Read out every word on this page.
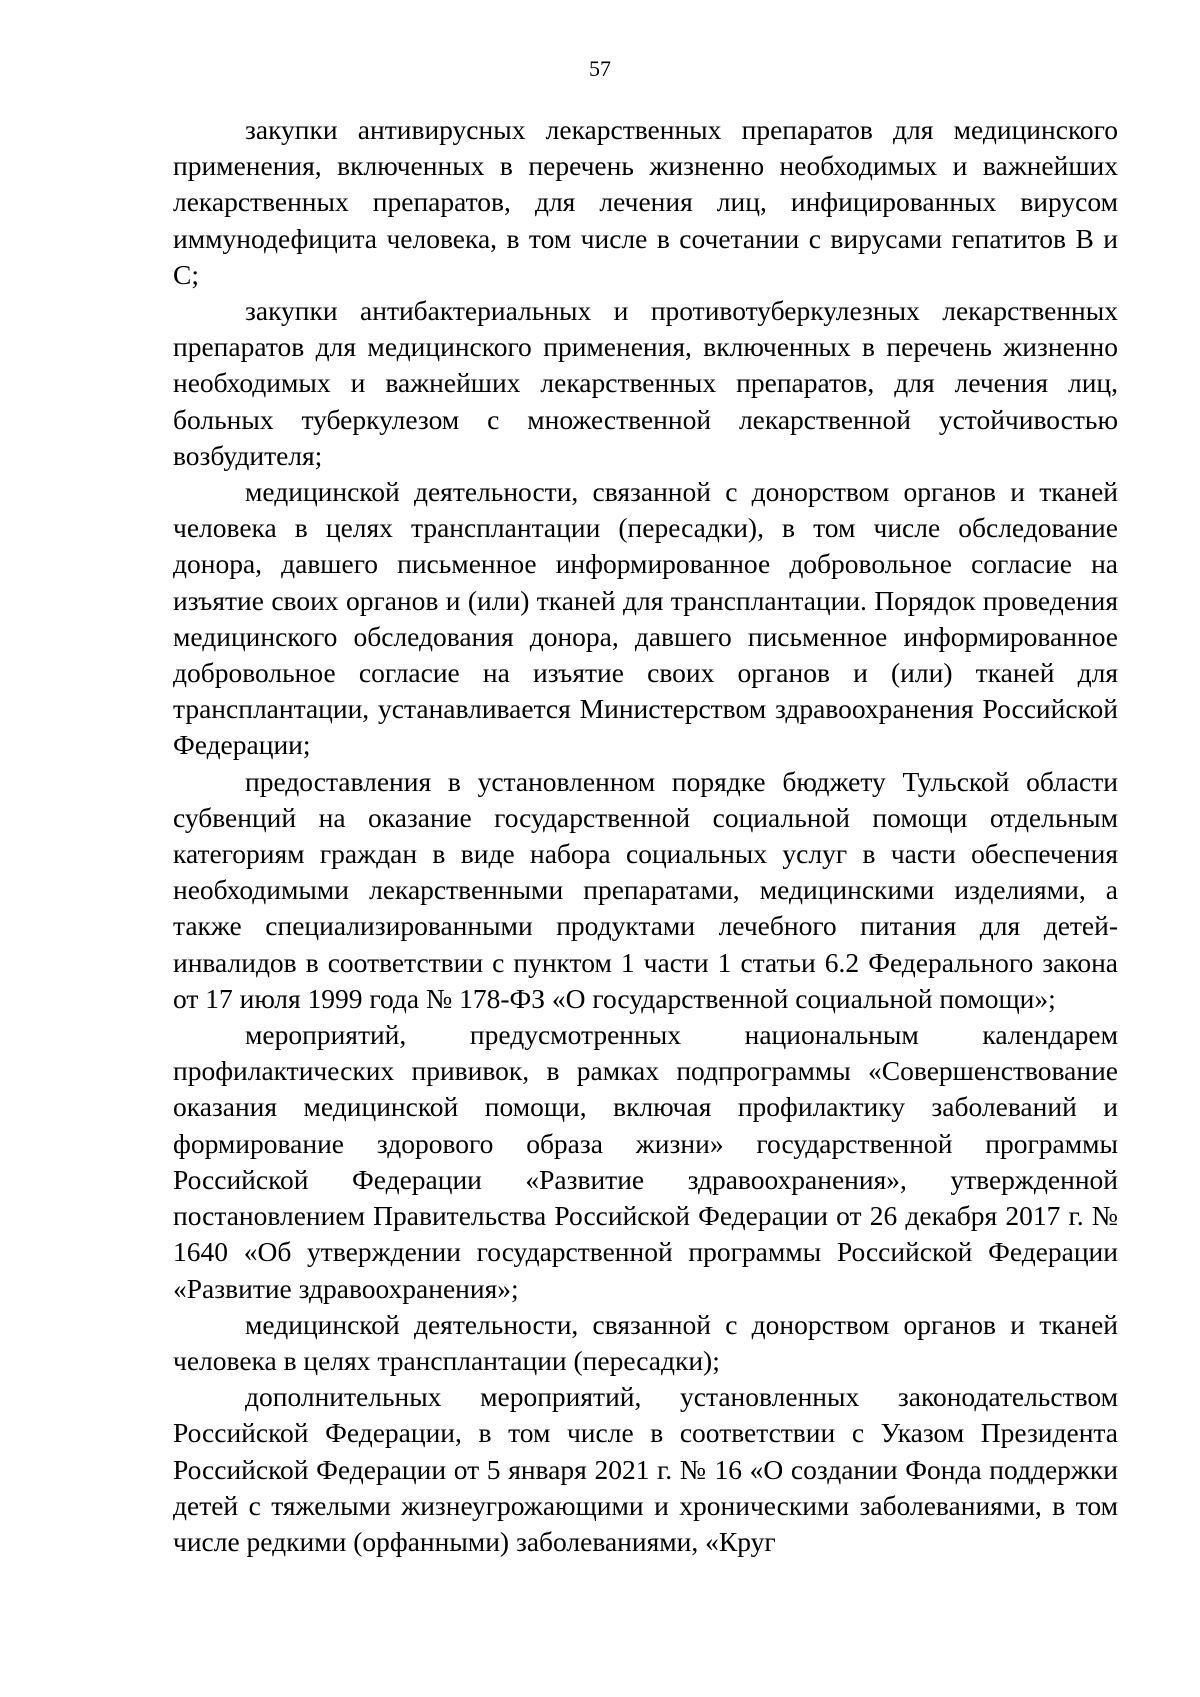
57

закупки антивирусных лекарственных препаратов для медицинского применения, включенных в перечень жизненно необходимых и важнейших лекарственных препаратов, для лечения лиц, инфицированных вирусом иммунодефицита человека, в том числе в сочетании с вирусами гепатитов B и C;

закупки антибактериальных и противотуберкулезных лекарственных препаратов для медицинского применения, включенных в перечень жизненно необходимых и важнейших лекарственных препаратов, для лечения лиц, больных туберкулезом с множественной лекарственной устойчивостью возбудителя;

медицинской деятельности, связанной с донорством органов и тканей человека в целях трансплантации (пересадки), в том числе обследование донора, давшего письменное информированное добровольное согласие на изъятие своих органов и (или) тканей для трансплантации. Порядок проведения медицинского обследования донора, давшего письменное информированное добровольное согласие на изъятие своих органов и (или) тканей для трансплантации, устанавливается Министерством здравоохранения Российской Федерации;

предоставления в установленном порядке бюджету Тульской области субвенций на оказание государственной социальной помощи отдельным категориям граждан в виде набора социальных услуг в части обеспечения необходимыми лекарственными препаратами, медицинскими изделиями, а также специализированными продуктами лечебного питания для детей-инвалидов в соответствии с пунктом 1 части 1 статьи 6.2 Федерального закона от 17 июля 1999 года № 178-ФЗ «О государственной социальной помощи»;

мероприятий, предусмотренных национальным календарем профилактических прививок, в рамках подпрограммы «Совершенствование оказания медицинской помощи, включая профилактику заболеваний и формирование здорового образа жизни» государственной программы Российской Федерации «Развитие здравоохранения», утвержденной постановлением Правительства Российской Федерации от 26 декабря 2017 г. № 1640 «Об утверждении государственной программы Российской Федерации «Развитие здравоохранения»;

медицинской деятельности, связанной с донорством органов и тканей человека в целях трансплантации (пересадки);

дополнительных мероприятий, установленных законодательством Российской Федерации, в том числе в соответствии с Указом Президента Российской Федерации от 5 января 2021 г. № 16 «О создании Фонда поддержки детей с тяжелыми жизнеугрожающими и хроническими заболеваниями, в том числе редкими (орфанными) заболеваниями, «Круг
